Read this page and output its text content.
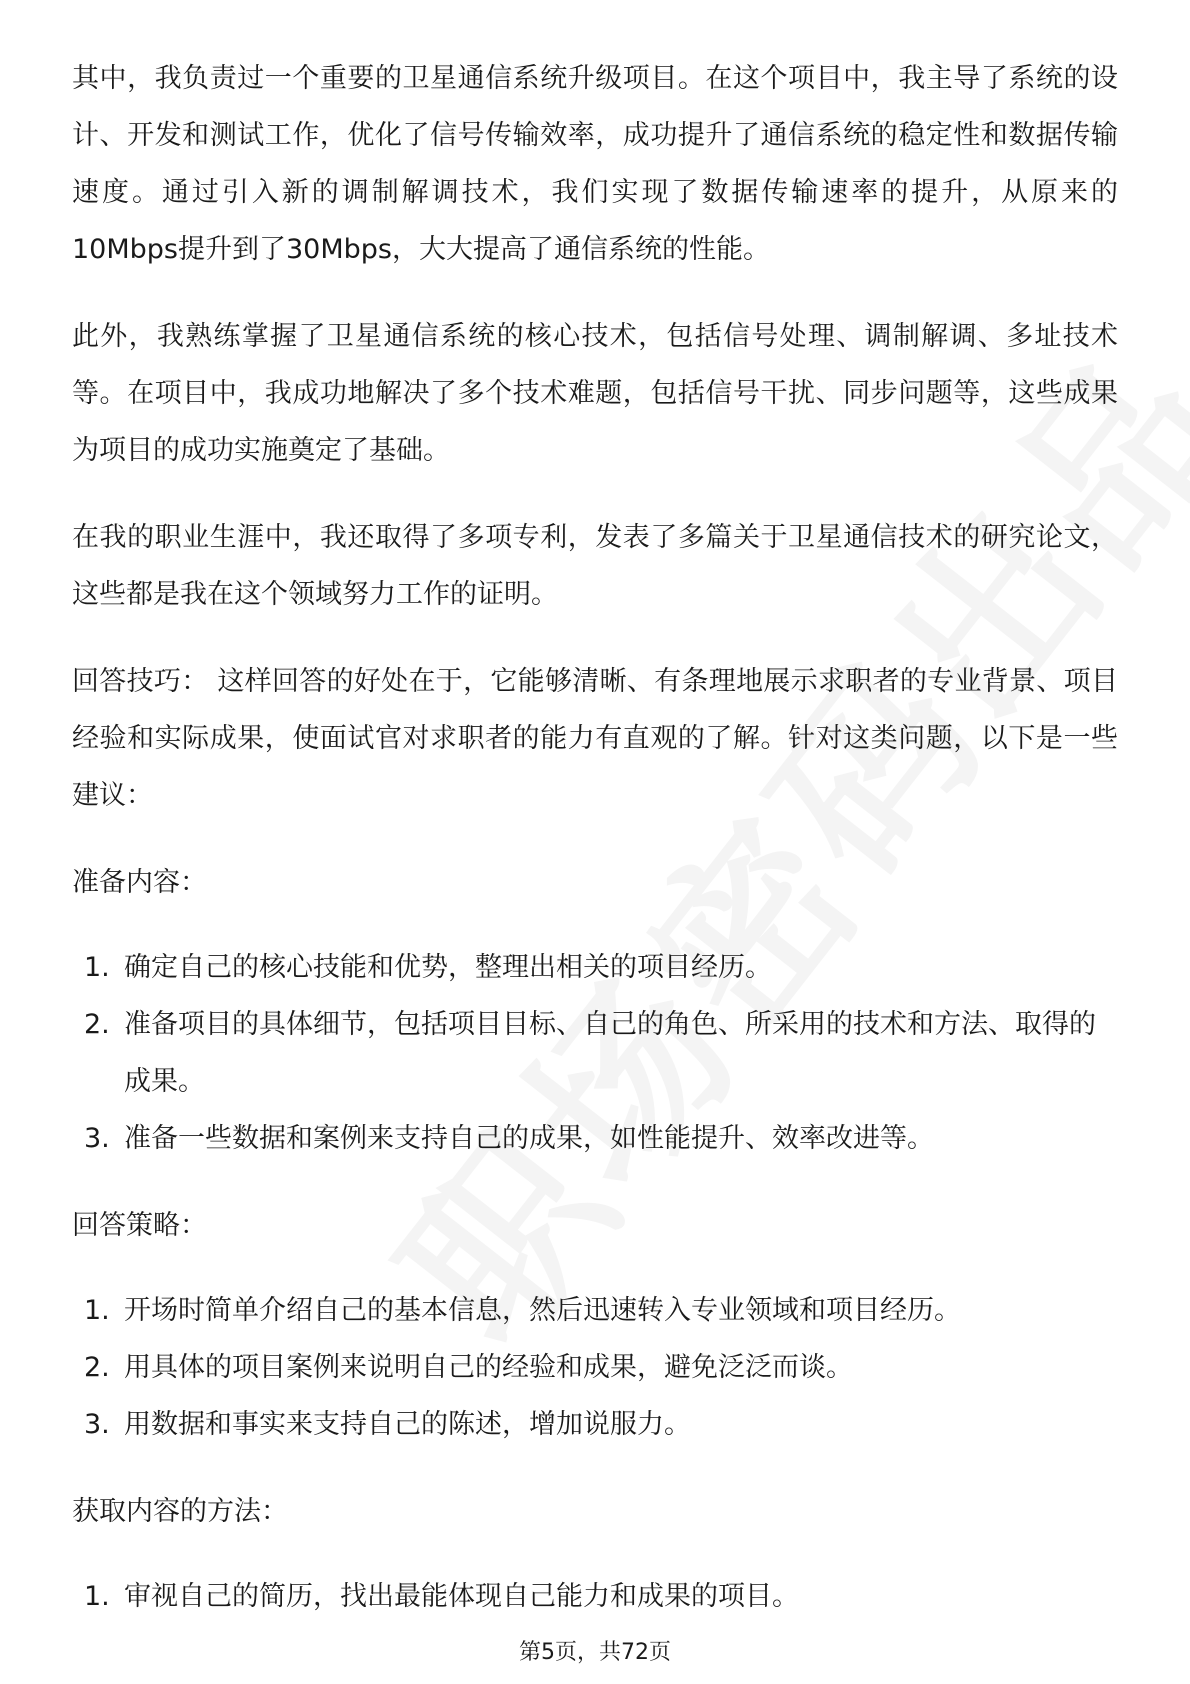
其中，我负责过一个重要的卫星通信系统升级项目。在这个项目中，我主导了系统的设计、开发和测试工作，优化了信号传输效率，成功提升了通信系统的稳定性和数据传输速度。通过引入新的调制解调技术，我们实现了数据传输速率的提升，从原来的10Mbps提升到了30Mbps，大大提高了通信系统的性能。

此外，我熟练掌握了卫星通信系统的核心技术，包括信号处理、调制解调、多址技术等。在项目中，我成功地解决了多个技术难题，包括信号干扰、同步问题等，这些成果为项目的成功实施奠定了基础。

在我的职业生涯中，我还取得了多项专利，发表了多篇关于卫星通信技术的研究论文，这些都是我在这个领域努力工作的证明。

回答技巧： 这样回答的好处在于，它能够清晰、有条理地展示求职者的专业背景、项目经验和实际成果，使面试官对求职者的能力有直观的了解。针对这类问题，以下是一些建议：

准备内容：

1. 确定自己的核心技能和优势，整理出相关的项目经历。
2. 准备项目的具体细节，包括项目目标、自己的角色、所采用的技术和方法、取得的成果。
3. 准备一些数据和案例来支持自己的成果，如性能提升、效率改进等。

回答策略：

1. 开场时简单介绍自己的基本信息，然后迅速转入专业领域和项目经历。
2. 用具体的项目案例来说明自己的经验和成果，避免泛泛而谈。
3. 用数据和事实来支持自己的陈述，增加说服力。

获取内容的方法：

1. 审视自己的简历，找出最能体现自己能力和成果的项目。
第5页，共72页
